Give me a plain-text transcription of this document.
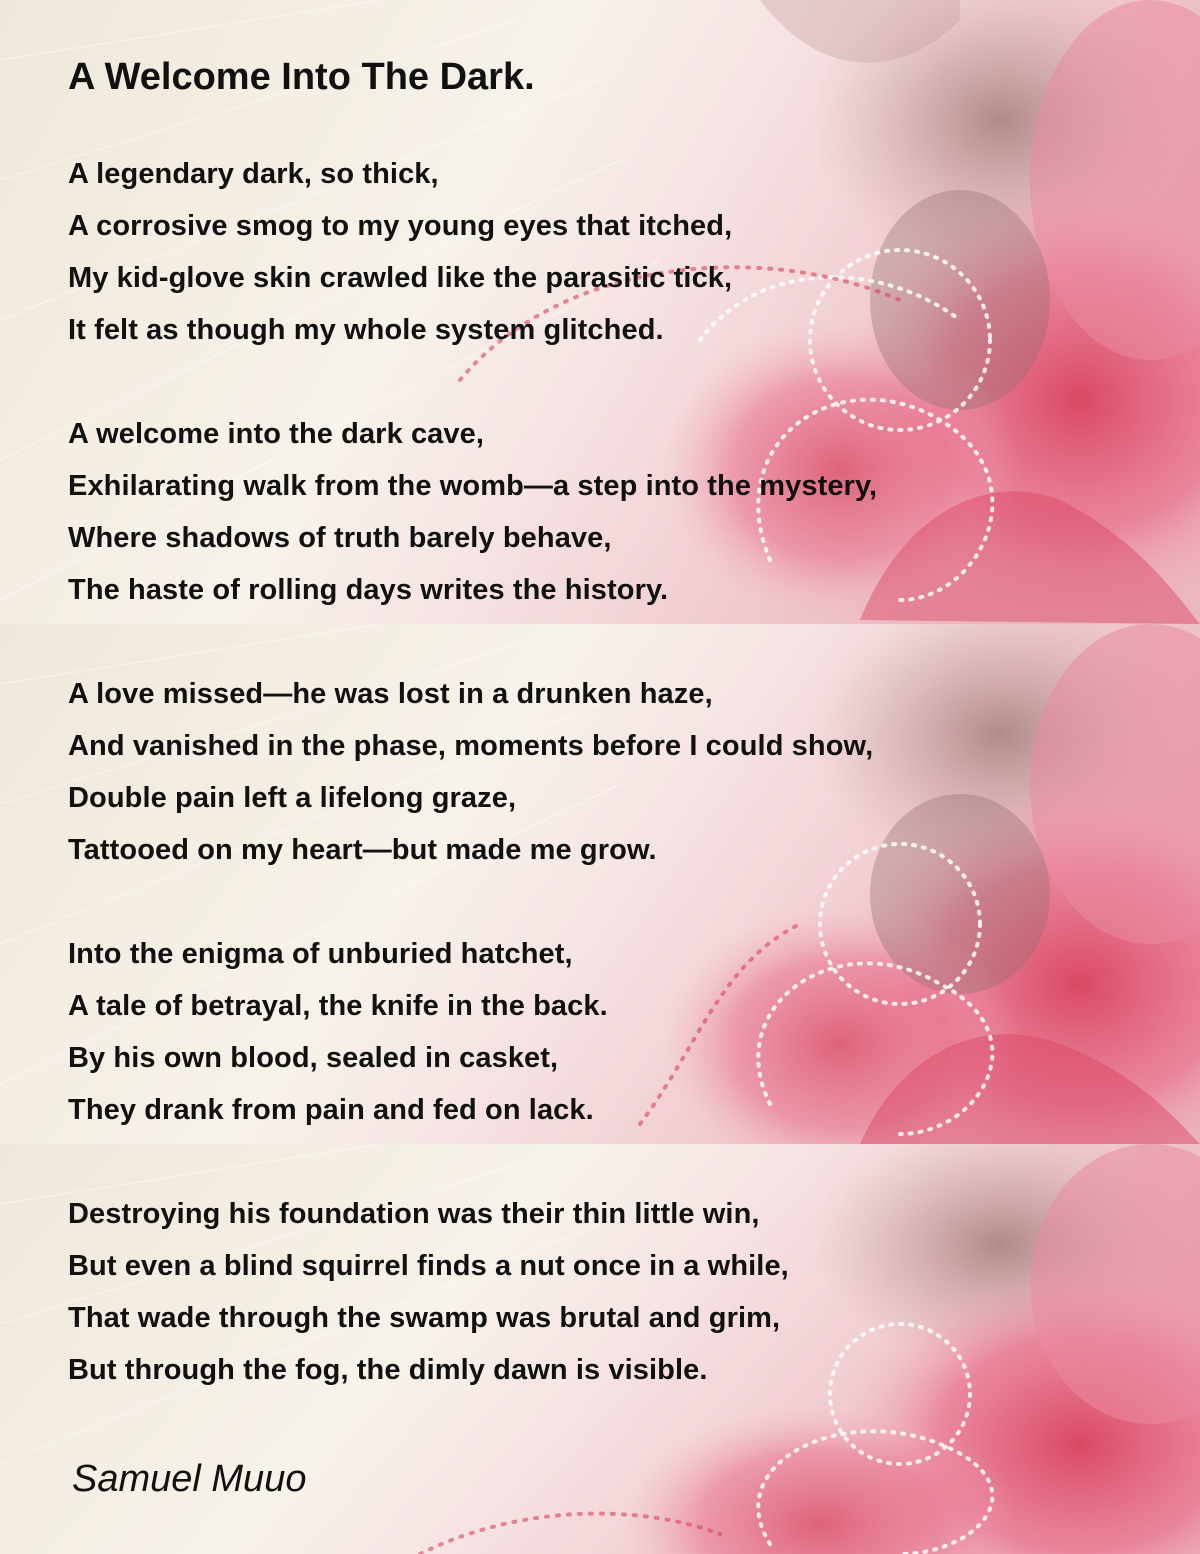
A Welcome Into The Dark.
A legendary dark, so thick,
A corrosive smog to my young eyes that itched,
My kid-glove skin crawled like the parasitic tick,
It felt as though my whole system glitched.
A welcome into the dark cave,
Exhilarating walk from the womb—a step into the mystery,
Where shadows of truth barely behave,
The haste of rolling days writes the history.
A love missed—he was lost in a drunken haze,
And vanished in the phase, moments before I could show,
Double pain left a lifelong graze,
Tattooed on my heart—but made me grow.
Into the enigma of unburied hatchet,
A tale of betrayal, the knife in the back.
By his own blood, sealed in casket,
They drank from pain and fed on lack.
Destroying his foundation was their thin little win,
But even a blind squirrel finds a nut once in a while,
That wade through the swamp was brutal and grim,
But through the fog, the dimly dawn is visible.
Samuel Muuo
